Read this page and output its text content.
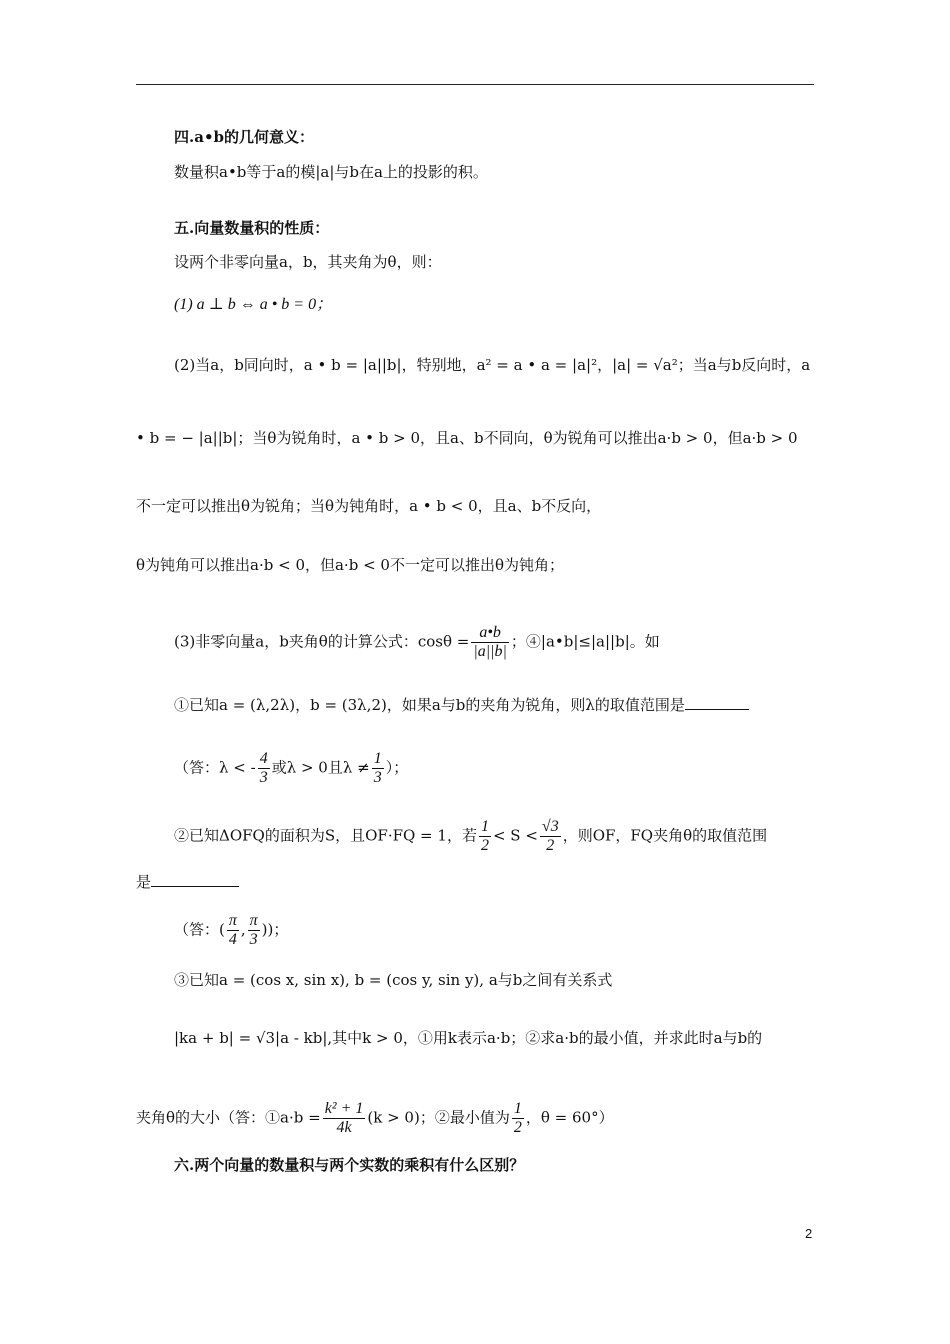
四.a•b的几何意义：
数量积a•b等于a的模|a|与b在a上的投影的积。
五.向量数量积的性质：
设两个非零向量a，b，其夹角为θ，则：
(1) a ⊥ b ⇔ a • b = 0；
(2)当a，b同向时，a • b = |a||b|，特别地，a² = a • a = |a|²，|a| = √a²；当a与b反向时，a
• b = − |a||b|；当θ为锐角时，a • b > 0，且a、b不同向，θ为锐角可以推出a·b > 0，但a·b > 0
不一定可以推出θ为锐角；当θ为钝角时，a • b < 0，且a、b不反向，
θ为钝角可以推出a·b < 0，但a·b < 0不一定可以推出θ为钝角；
(3)非零向量a，b夹角θ的计算公式：$\cos\theta = \frac{a•b}{|a||b|}$ ；④|a•b|≤|a||b|。如
①已知a = (λ,2λ)，b = (3λ,2)，如果a与b的夹角为锐角，则λ的取值范围是
（答：λ < - $\frac{4}{3}$ 或λ > 0且$\lambda \ne \frac{1}{3}$ ）；
②已知ΔOFQ的面积为S，且OF·FQ = 1，若 $\frac{1}{2} < S < \frac{√3}{2}$ ，则OF，FQ夹角θ的取值范围
是
（答：( $\frac{\pi}{4}$ , $\frac{\pi}{3}$ ))；
③已知a = (cos x, sin x), b = (cos y, sin y), a与b之间有关系式
|ka + b| = √3|a - kb|,其中k > 0，①用k表示a·b；②求a·b的最小值，并求此时a与b的
夹角θ的大小（答：①a·b = $\frac{\text{k² + 1}}{4k} (k > 0)$；②最小值为 $\frac{1}{2}$ ，θ = 60°）
六.两个向量的数量积与两个实数的乘积有什么区别？
2
